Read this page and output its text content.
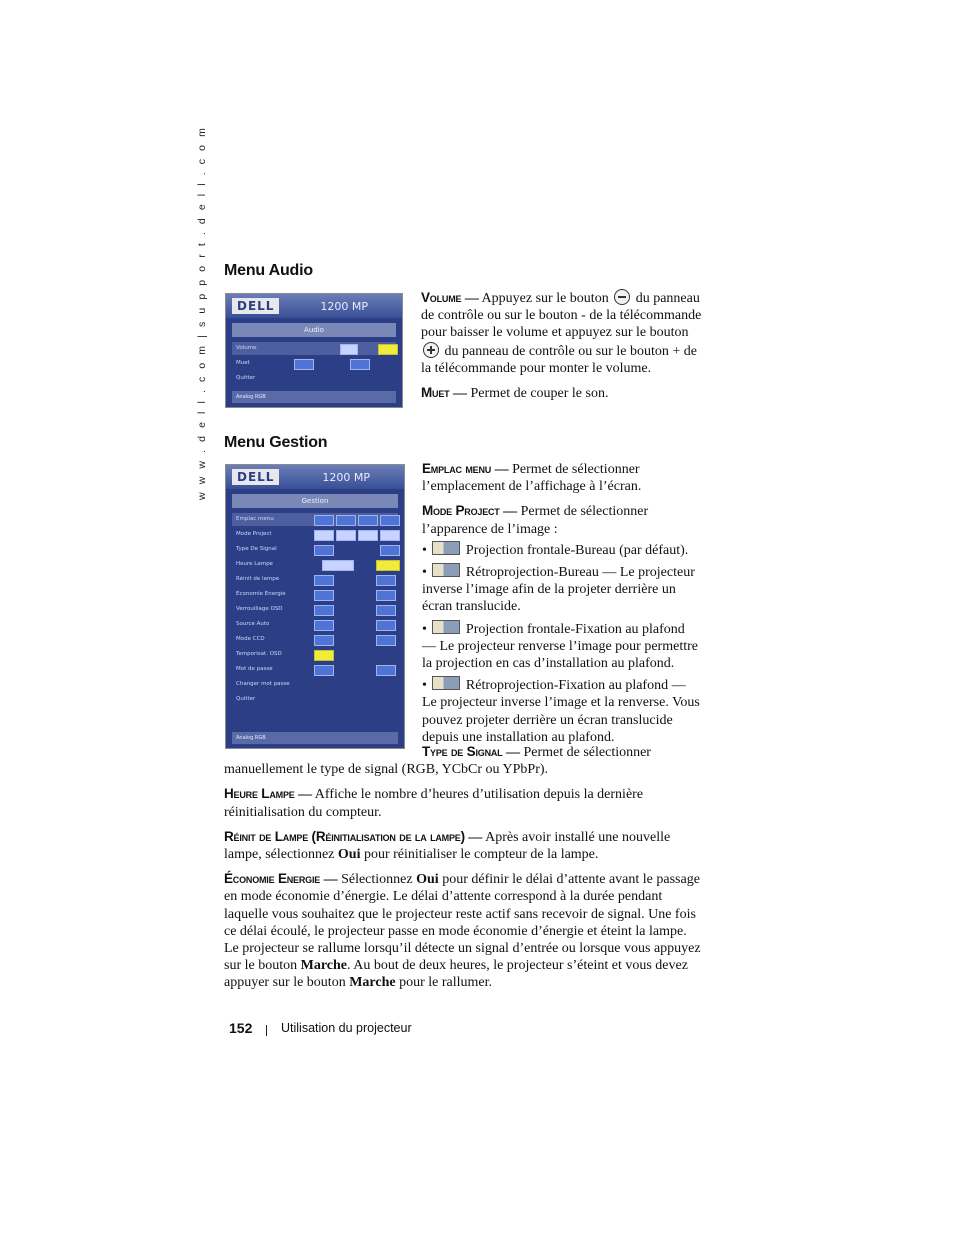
w w w . d e l l . c o m | s u p p o r t . d e l l . c o m Menu Audio
DELL	1200 MP
Audio
Volume
Muet
Quitter
Analog RGB

Volume — Appuyez sur le bouton du panneau de contrôle ou sur le bouton - de la télécommande pour baisser le volume et appuyez sur le bouton  du panneau de contrôle ou sur le bouton + de la télécommande pour monter le volume.

Muet — Permet de couper le son.

Menu Gestion
DELL	1200 MP
Gestion
Emplac menu
Mode Project
Type De Signal
Heure Lampe
Réinit de lampe
Economie Energie
Verrouillage OSD
Source Auto
Mode CCD
Temporisat. OSD
Mot de passe
Changer mot passe
Quitter
Analog RGB

Emplac menu — Permet de sélectionner l’emplacement de l’affichage à l’écran.

Mode Project — Permet de sélectionner l’apparence de l’image :

•	Projection frontale-Bureau (par défaut).

•	Rétroprojection-Bureau — Le projecteur inverse l’image afin de la projeter derrière un écran translucide.

•	Projection frontale-Fixation au plafond — Le projecteur renverse l’image pour permettre la projection en cas d’installation au plafond.

•	Rétroprojection-Fixation au plafond — Le projecteur inverse l’image et la renverse. Vous pouvez projeter derrière un écran translucide depuis une installation au plafond.

Type de Signal — Permet de sélectionner manuellement le type de signal (RGB, YCbCr ou YPbPr).

Heure Lampe — Affiche le nombre d’heures d’utilisation depuis la dernière réinitialisation du compteur.

Réinit de Lampe (Réinitialisation de la lampe) — Après avoir installé une nouvelle lampe, sélectionnez Oui pour réinitialiser le compteur de la lampe.

Économie Energie — Sélectionnez Oui pour définir le délai d’attente avant le passage en mode économie d’énergie. Le délai d’attente correspond à la durée pendant laquelle vous souhaitez que le projecteur reste actif sans recevoir de signal. Une fois ce délai écoulé, le projecteur passe en mode économie d’énergie et éteint la lampe. Le projecteur se rallume lorsqu’il détecte un signal d’entrée ou lorsque vous appuyez sur le bouton Marche. Au bout de deux heures, le projecteur s’éteint et vous devez appuyer sur le bouton Marche pour le rallumer.

152 Utilisation du projecteur
